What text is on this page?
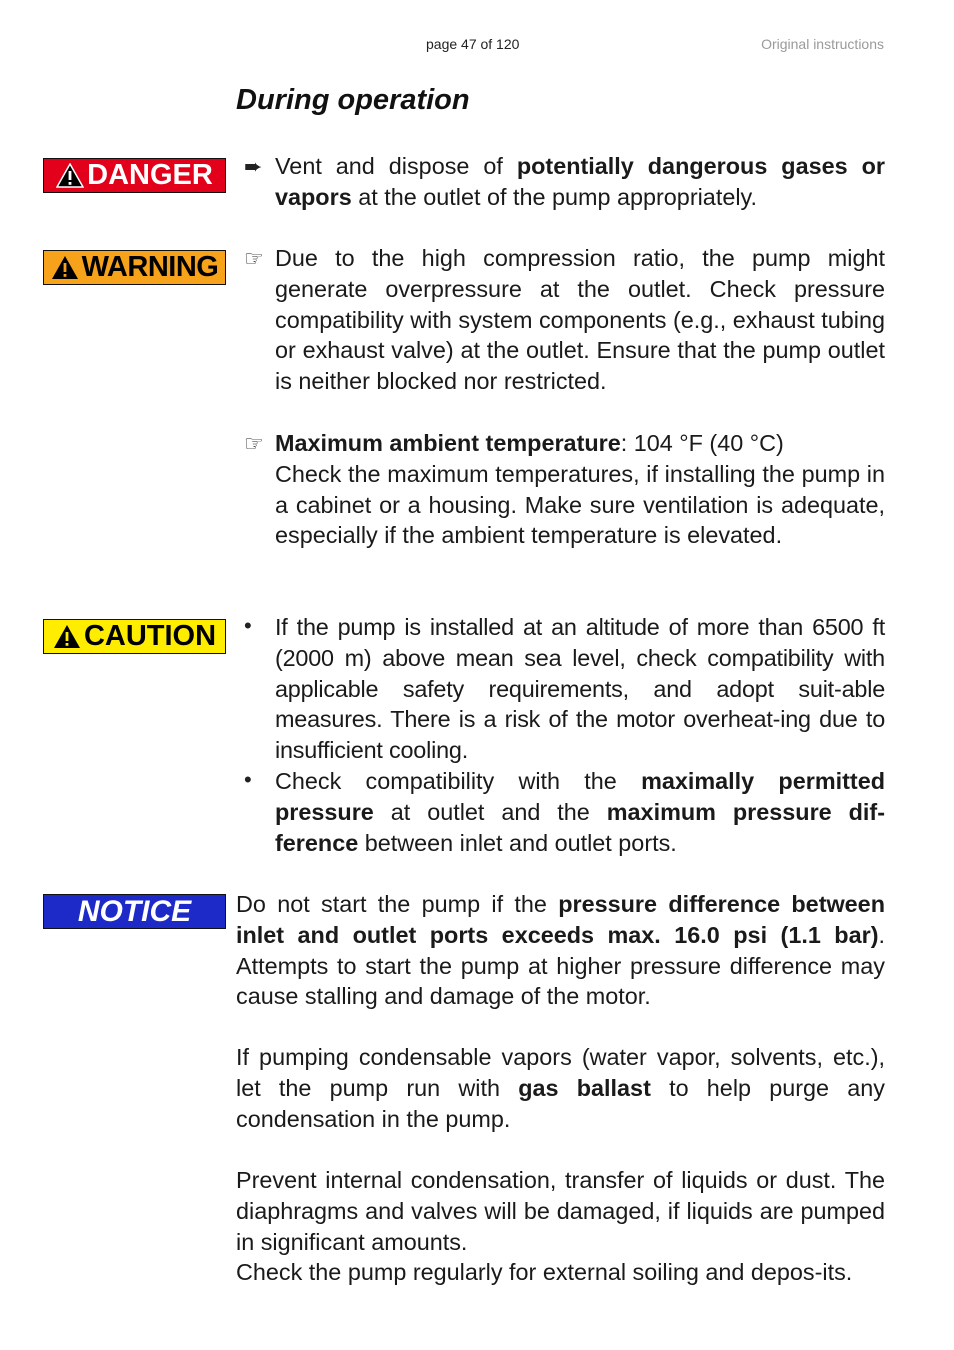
page 47 of 120	Original instructions
During operation
DANGER ➨ Vent and dispose of potentially dangerous gases or vapors at the outlet of the pump appropriately.
WARNING ☞ Due to the high compression ratio, the pump might generate overpressure at the outlet. Check pressure compatibility with system components (e.g., exhaust tubing or exhaust valve) at the outlet. Ensure that the pump outlet is neither blocked nor restricted.
☞ Maximum ambient temperature: 104 °F (40 °C)
Check the maximum temperatures, if installing the pump in a cabinet or a housing. Make sure ventilation is adequate, especially if the ambient temperature is elevated.
CAUTION • If the pump is installed at an altitude of more than 6500 ft (2000 m) above mean sea level, check compatibility with applicable safety requirements, and adopt suit-able measures. There is a risk of the motor overheat-ing due to insufficient cooling.
• Check compatibility with the maximally permitted pressure at outlet and the maximum pressure dif-ference between inlet and outlet ports.
NOTICE	Do not start the pump if the pressure difference between inlet and outlet ports exceeds max. 16.0 psi (1.1 bar). Attempts to start the pump at higher pressure difference may cause stalling and damage of the motor.
If pumping condensable vapors (water vapor, solvents, etc.), let the pump run with gas ballast to help purge any condensation in the pump.
Prevent internal condensation, transfer of liquids or dust. The diaphragms and valves will be damaged, if liquids are pumped in significant amounts.
Check the pump regularly for external soiling and depos-its.
